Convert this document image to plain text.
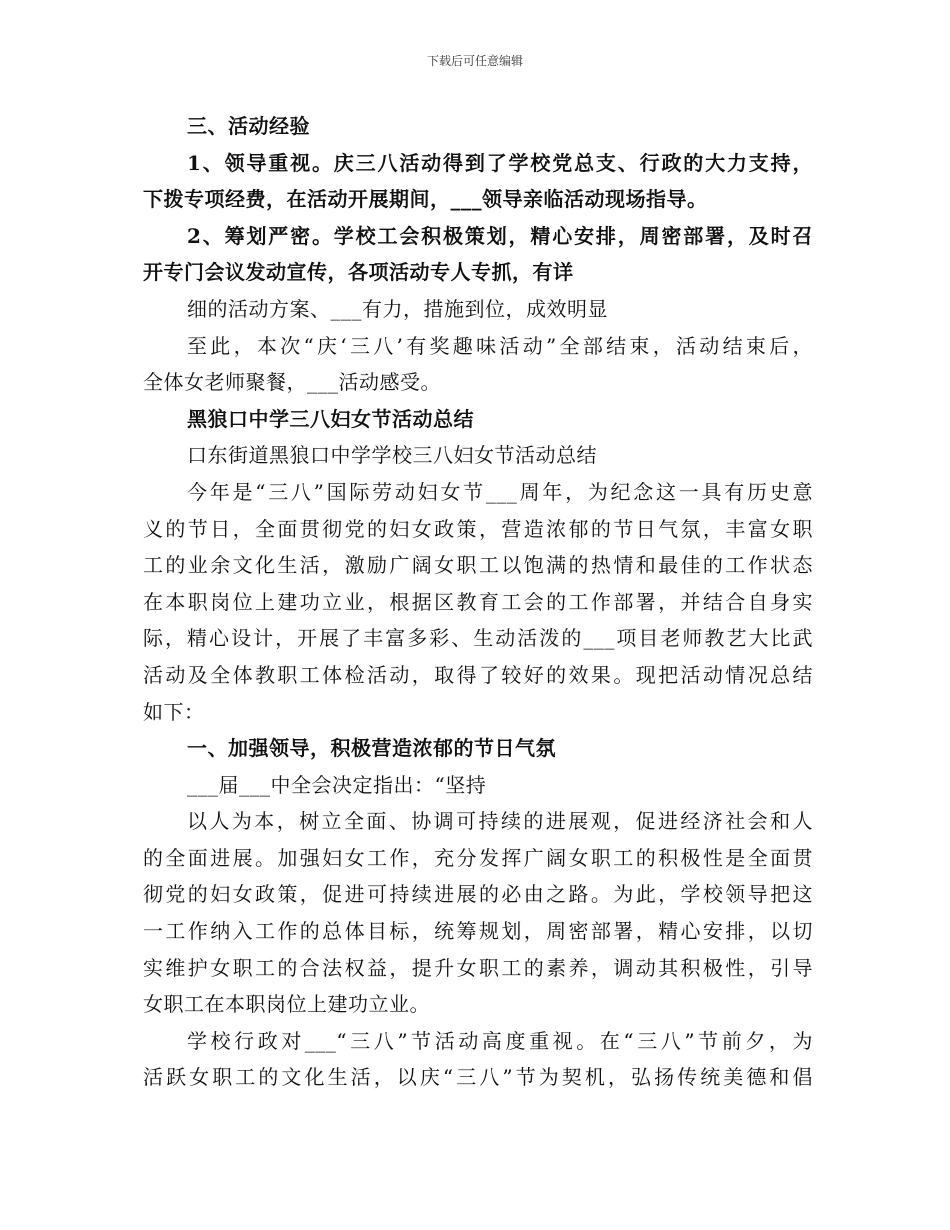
下载后可任意编辑
三、活动经验
1、领导重视。庆三八活动得到了学校党总支、行政的大力支持，
下拨专项经费，在活动开展期间，___领导亲临活动现场指导。
2、筹划严密。学校工会积极策划，精心安排，周密部署，及时召
开专门会议发动宣传，各项活动专人专抓，有详
细的活动方案、___有力，措施到位，成效明显
至此，本次“庆‘三八’有奖趣味活动”全部结束，活动结束后，
全体女老师聚餐，___活动感受。
黑狼口中学三八妇女节活动总结
口东街道黑狼口中学学校三八妇女节活动总结
今年是“三八”国际劳动妇女节___周年，为纪念这一具有历史意
义的节日，全面贯彻党的妇女政策，营造浓郁的节日气氛，丰富女职
工的业余文化生活，激励广阔女职工以饱满的热情和最佳的工作状态
在本职岗位上建功立业，根据区教育工会的工作部署，并结合自身实
际，精心设计，开展了丰富多彩、生动活泼的___项目老师教艺大比武
活动及全体教职工体检活动，取得了较好的效果。现把活动情况总结
如下：
一、加强领导，积极营造浓郁的节日气氛
___届___中全会决定指出：“坚持
以人为本，树立全面、协调可持续的进展观，促进经济社会和人
的全面进展。加强妇女工作，充分发挥广阔女职工的积极性是全面贯
彻党的妇女政策，促进可持续进展的必由之路。为此，学校领导把这
一工作纳入工作的总体目标，统筹规划，周密部署，精心安排，以切
实维护女职工的合法权益，提升女职工的素养，调动其积极性，引导
女职工在本职岗位上建功立业。
学校行政对___“三八”节活动高度重视。在“三八”节前夕，为
活跃女职工的文化生活，以庆“三八”节为契机，弘扬传统美德和倡
